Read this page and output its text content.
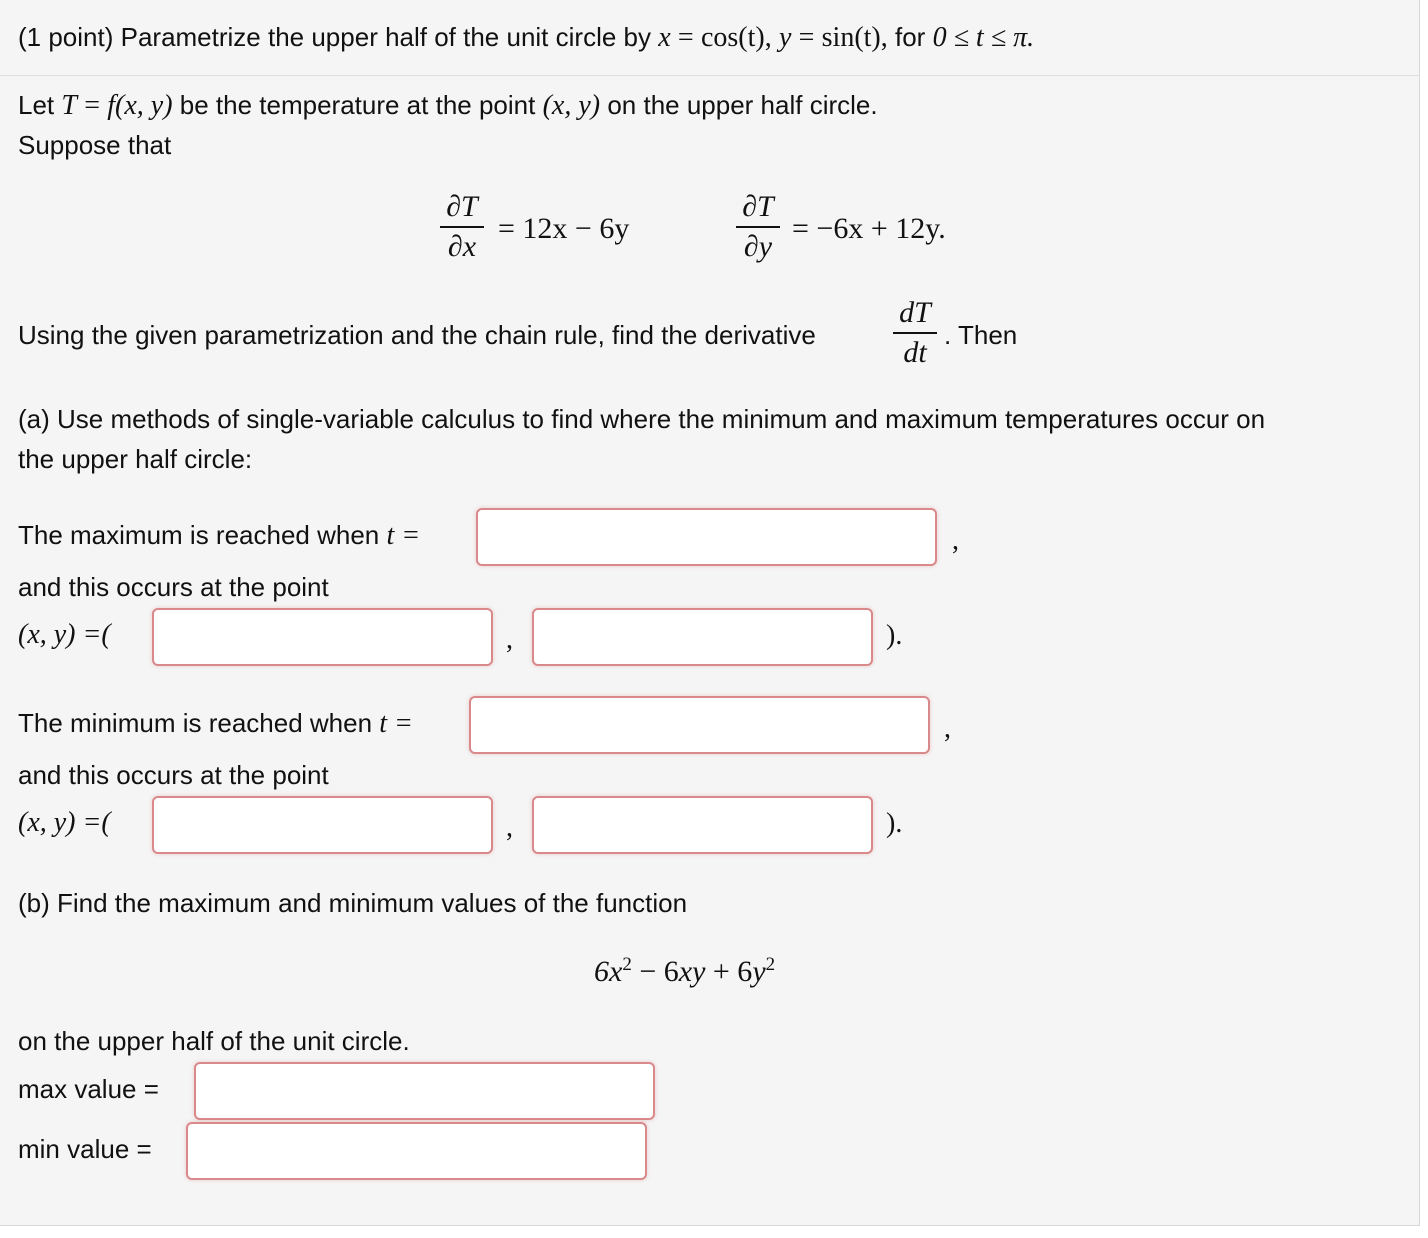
(1 point) Parametrize the upper half of the unit circle by x = cos(t), y = sin(t), for 0 ≤ t ≤ π.
Let T = f(x, y) be the temperature at the point (x, y) on the upper half circle.
Suppose that
∂T
∂x
= 12x − 6y
∂T
∂y
= −6x + 12y.
Using the given parametrization and the chain rule, find the derivative
dT
dt
. Then
(a) Use methods of single-variable calculus to find where the minimum and maximum temperatures occur on
the upper half circle:
The maximum is reached when t =	,
and this occurs at the point
(x, y) =(	,	).
The minimum is reached when t =	,
and this occurs at the point
(x, y) =(	,	).
(b) Find the maximum and minimum values of the function
$6x^2 - 6xy + 6y^2$
on the upper half of the unit circle.
max value =
min value =
